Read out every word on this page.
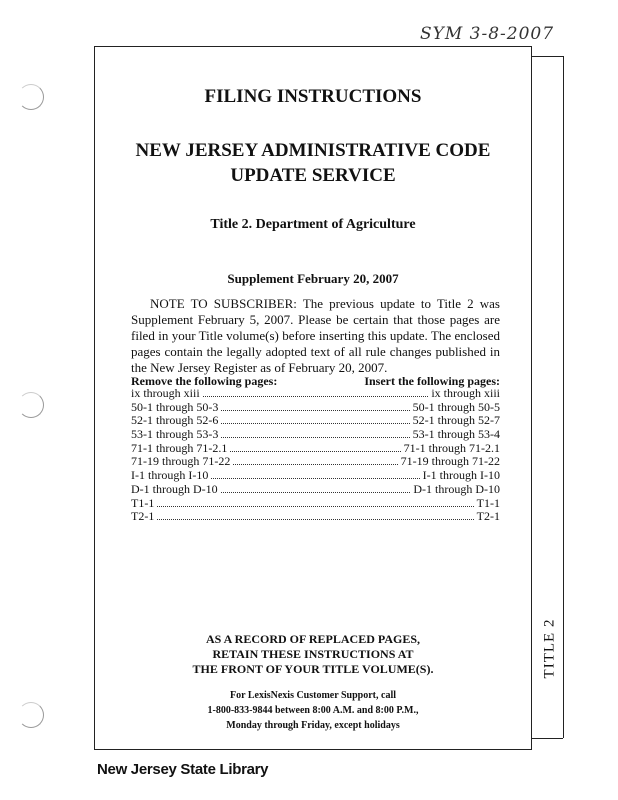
SYM 3-8-2007
TITLE 2
FILING INSTRUCTIONS
NEW JERSEY ADMINISTRATIVE CODE
UPDATE SERVICE
Title 2. Department of Agriculture
Supplement February 20, 2007
NOTE TO SUBSCRIBER: The previous update to Title 2 was Supplement February 5, 2007. Please be certain that those pages are filed in your Title volume(s) before inserting this update. The enclosed pages contain the legally adopted text of all rule changes published in the New Jersey Register as of February 20, 2007.
Remove the following pages:	Insert the following pages:
ix through xiii	ix through xiii
50-1 through 50-3	50-1 through 50-5
52-1 through 52-6	52-1 through 52-7
53-1 through 53-3	53-1 through 53-4
71-1 through 71-2.1	71-1 through 71-2.1
71-19 through 71-22	71-19 through 71-22
I-1 through I-10	I-1 through I-10
D-1 through D-10	D-1 through D-10
T1-1	T1-1
T2-1	T2-1
AS A RECORD OF REPLACED PAGES,
RETAIN THESE INSTRUCTIONS AT
THE FRONT OF YOUR TITLE VOLUME(S).
For LexisNexis Customer Support, call
1-800-833-9844 between 8:00 A.M. and 8:00 P.M.,
Monday through Friday, except holidays
New Jersey State Library
